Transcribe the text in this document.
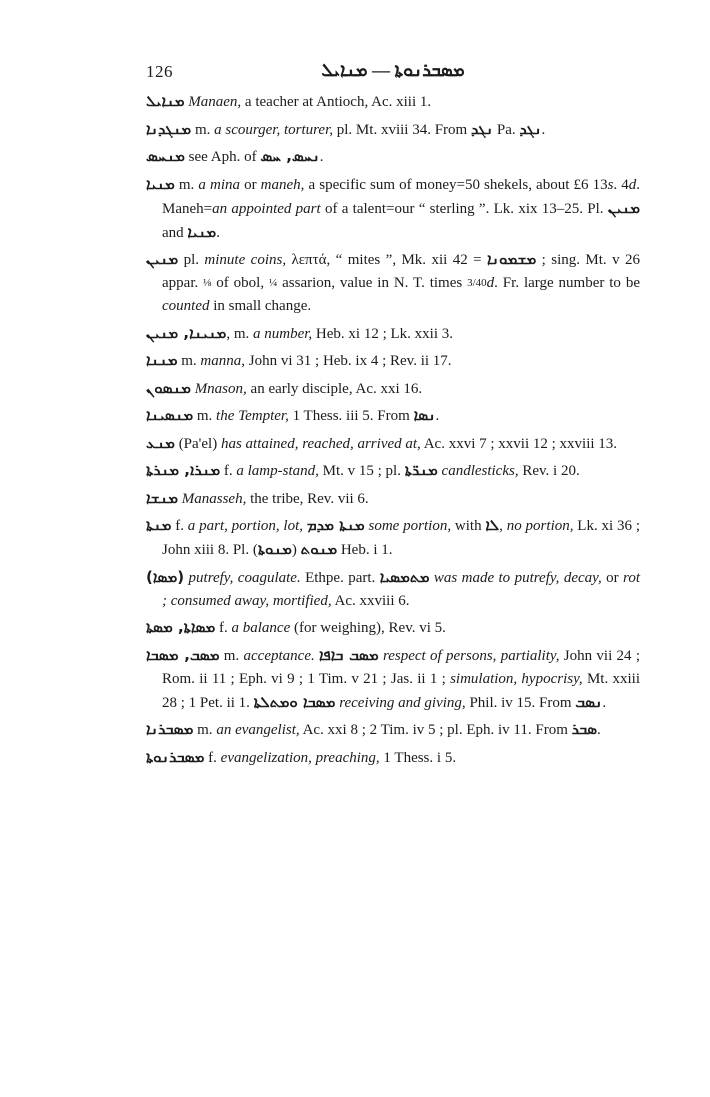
126	ܡܣܒܪܢܘܬܐ — ܡܢܐܝܠ

ܡܢܐܝܠ Manaen, a teacher at Antioch, Ac. xiii 1.

ܡܢܓܕܢܐ m. a scourger, torturer, pl. Mt. xviii 34. From ܢܓܕ Pa. ܢܓܕ.

ܡܢܚܣ see Aph. of ܢܚܣ, ܚܣ.

ܡܢܝܐ m. a mina or maneh, a specific sum of money=50 shekels, about £6 13s. 4d. Maneh=an appointed part of a talent=our “ sterling ”. Lk. xix 13–25. Pl. ܡܢܝܢ and ܡܢܝܐ.

ܡܢܝܢ pl. minute coins, λεπτά, “ mites ”, Mk. xii 42 = ܡܫܡܘܢܐ ; sing. Mt. v 26 appar. ⅛ of obol, ¼ assarion, value in N. T. times 3/40d. Fr. large number to be counted in small change.

ܡܢܝܢܐ, ܡܢܝܢ, m. a number, Heb. xi 12 ; Lk. xxii 3.

ܡܢܢܐ m. manna, John vi 31 ; Heb. ix 4 ; Rev. ii 17.

ܡܢܣܘܢ Mnason, an early disciple, Ac. xxi 16.

ܡܢܣܝܢܐ m. the Tempter, 1 Thess. iii 5. From ܢܣܐ.

ܡܢܥ (Pa'el) has attained, reached, arrived at, Ac. xxvi 7 ; xxvii 12 ; xxviii 13.

ܡܢܪܐ, ܡܢܪܬܐ f. a lamp-stand, Mt. v 15 ; pl. ܡܢܪ̈ܬܐ candlesticks, Rev. i 20.

ܡܢܫܐ Manasseh, the tribe, Rev. vii 6.

ܡܢܬܐ f. a part, portion, lot, ܡܢܬܐ ܡܕܡ some portion, with ܠܐ, no portion, Lk. xi 36 ; John xiii 8. Pl. (ܡܢܘܬܐ) ܡܢܘܬ Heb. i 1.

(ܡܣܐ) putrefy, coagulate. Ethpe. part. ܡܬܡܣܝܐ was made to putrefy, decay, or rot ; consumed away, mortified, Ac. xxviii 6.

ܡܣܐܬܐ, ܡܣܬܐ f. a balance (for weighing), Rev. vi 5.

ܡܣܒ, ܡܣܒܐ m. acceptance. ܡܣܒ ܒܐܦܐ respect of persons, partiality, John vii 24 ; Rom. ii 11 ; Eph. vi 9 ; 1 Tim. v 21 ; Jas. ii 1 ; simulation, hypocrisy, Mt. xxiii 28 ; 1 Pet. ii 1. ܡܣܒܐ ܘܡܬܠܬܐ receiving and giving, Phil. iv 15. From ܢܣܒ.

ܡܣܒܪܢܐ m. an evangelist, Ac. xxi 8 ; 2 Tim. iv 5 ; pl. Eph. iv 11. From ܣܒܪ.

ܡܣܒܪܢܘܬܐ f. evangelization, preaching, 1 Thess. i 5.
